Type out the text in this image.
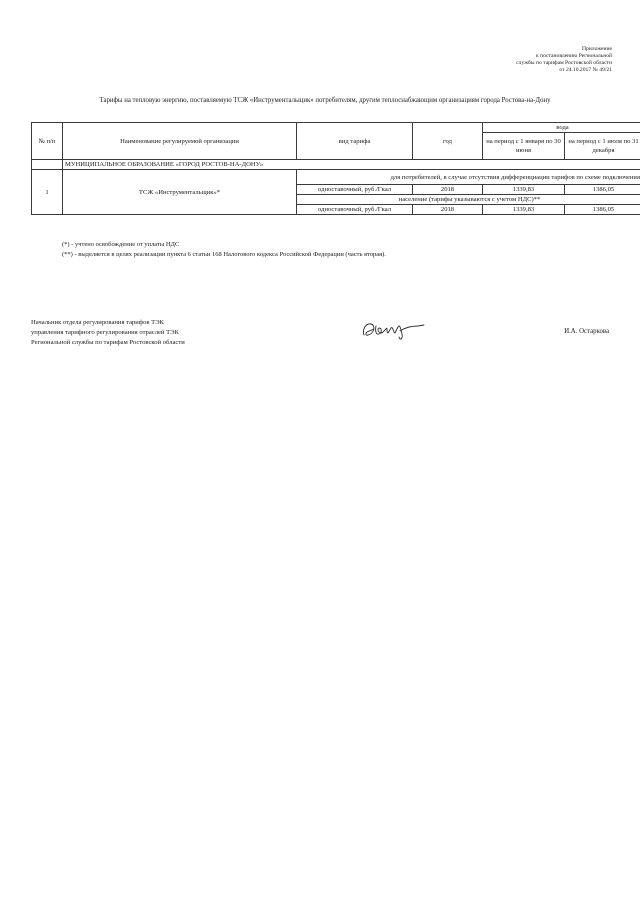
Приложение
к постановлению Региональной
службы по тарифам Ростовской области
от 24.10.2017 № 49/21
Тарифы на тепловую энергию, поставляемую ТСЖ «Инструментальщик» потребителям, другим теплоснабжающим организациям города Ростова-на-Дону
№ п/п	Наименование регулируемой организации	вид тарифа	год	вода	
				на период с 1 января по 30 июня	на период с 1 июля по 31 декабря
	МУНИЦИПАЛЬНОЕ ОБРАЗОВАНИЕ «ГОРОД РОСТОВ-НА-ДОНУ»				
1	ТСЖ «Инструментальщик»*	для потребителей, в случае отсутствия дифференциации тарифов по схеме подключения			
		одноставочный, руб./Гкал	2018	1339,83	1386,05
		население (тарифы указываются с учетом НДС)**			
		одноставочный, руб./Гкал	2018	1339,83	1386,05
(*) - учтено освобождение от уплаты НДС
(**) - выделяется в целях реализации пункта 6 статьи 168 Налогового кодекса Российской Федерации (часть вторая).
Начальник отдела регулирования тарифов ТЭК
управления тарифного регулирования отраслей ТЭК
Региональной службы по тарифам Ростовской области
И.А. Остаркова
